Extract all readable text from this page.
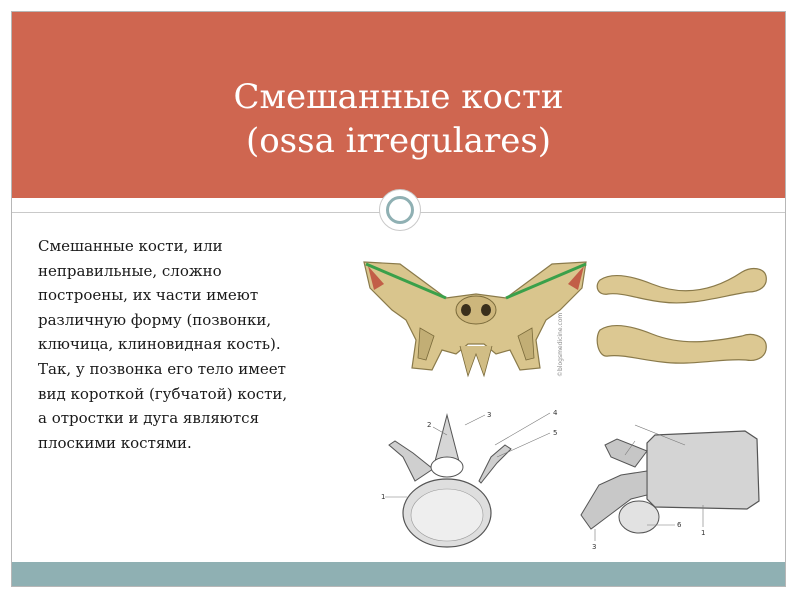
Смешанные кости
(ossa irregulares)
Смешанные кости, или неправильные, сложно построены, их части имеют различную форму (позвонки, ключица, клиновидная кость). Так, у позвонка его тело имеет вид короткой (губчатой) кости, а отростки и дуга являются плоскими костями.
©blogsmedicine.com
1
2
3	4
5
6
3
1
